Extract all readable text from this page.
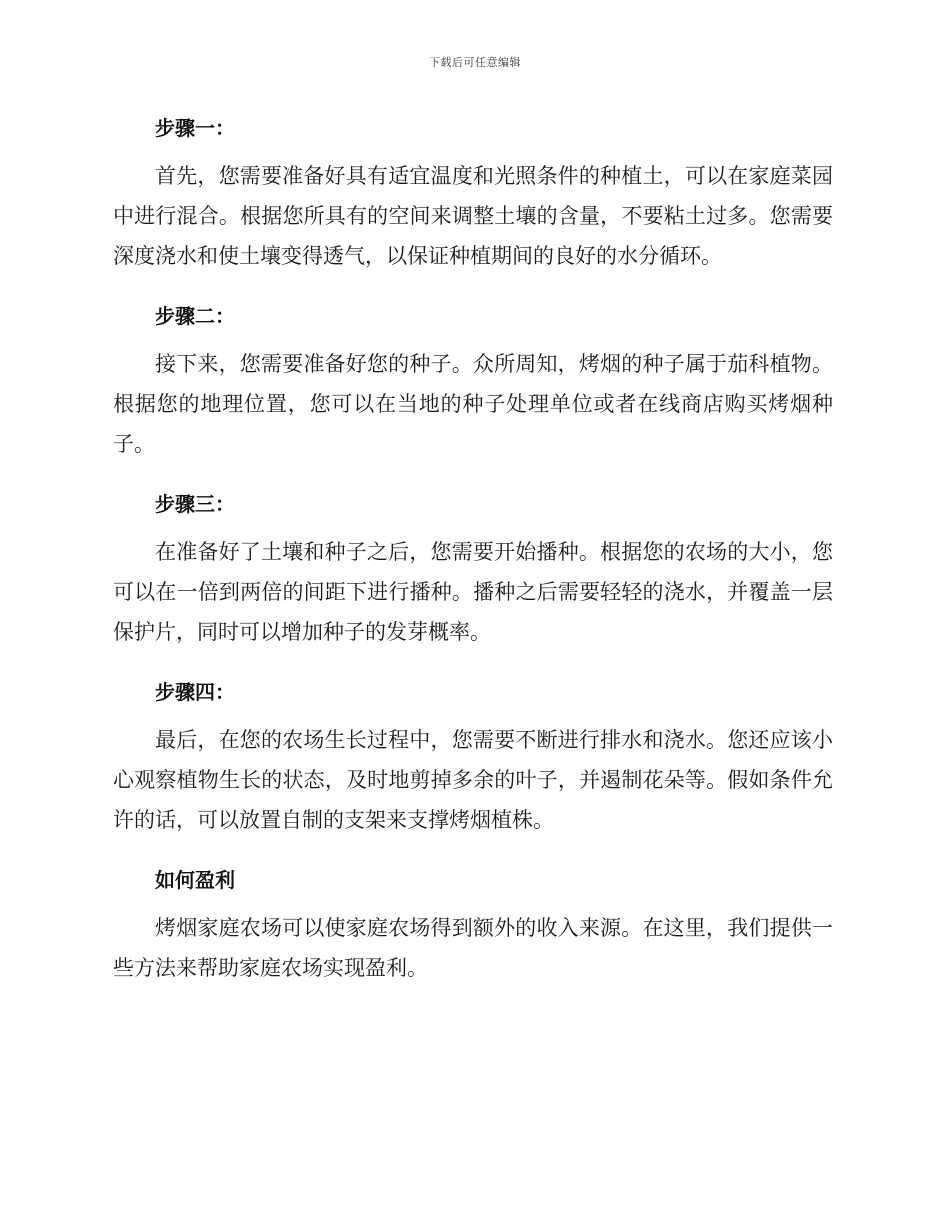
下载后可任意编辑
步骤一：

首先，您需要准备好具有适宜温度和光照条件的种植土，可以在家庭菜园中进行混合。根据您所具有的空间来调整土壤的含量，不要粘土过多。您需要深度浇水和使土壤变得透气，以保证种植期间的良好的水分循环。

步骤二：

接下来，您需要准备好您的种子。众所周知，烤烟的种子属于茄科植物。根据您的地理位置，您可以在当地的种子处理单位或者在线商店购买烤烟种子。

步骤三：

在准备好了土壤和种子之后，您需要开始播种。根据您的农场的大小，您可以在一倍到两倍的间距下进行播种。播种之后需要轻轻的浇水，并覆盖一层保护片，同时可以增加种子的发芽概率。

步骤四：

最后，在您的农场生长过程中，您需要不断进行排水和浇水。您还应该小心观察植物生长的状态，及时地剪掉多余的叶子，并遏制花朵等。假如条件允许的话，可以放置自制的支架来支撑烤烟植株。

如何盈利

烤烟家庭农场可以使家庭农场得到额外的收入来源。在这里，我们提供一些方法来帮助家庭农场实现盈利。
